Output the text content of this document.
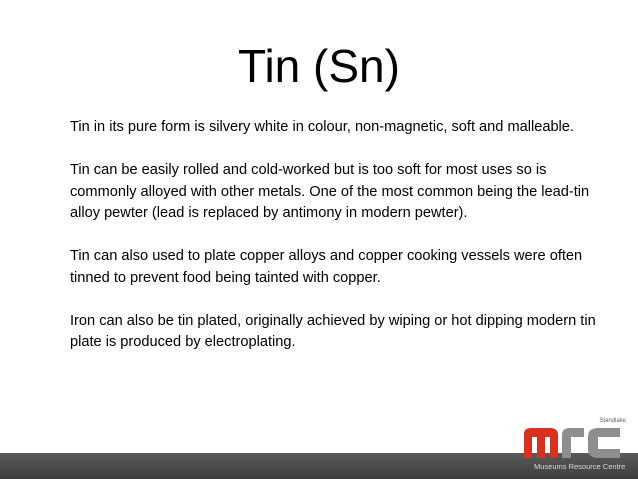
Tin (Sn)

Tin in its pure form is silvery white in colour, non-magnetic, soft and malleable.

Tin can be easily rolled and cold-worked but is too soft for most uses so is commonly alloyed with other metals. One of the most common being the lead-tin alloy pewter (lead is replaced by antimony in modern pewter).

Tin can also used to plate copper alloys and copper cooking vessels were often tinned to prevent food being tainted with copper.

Iron can also be tin plated, originally achieved by wiping or hot dipping modern tin plate is produced by electroplating.

Standlake
Museums Resource Centre
